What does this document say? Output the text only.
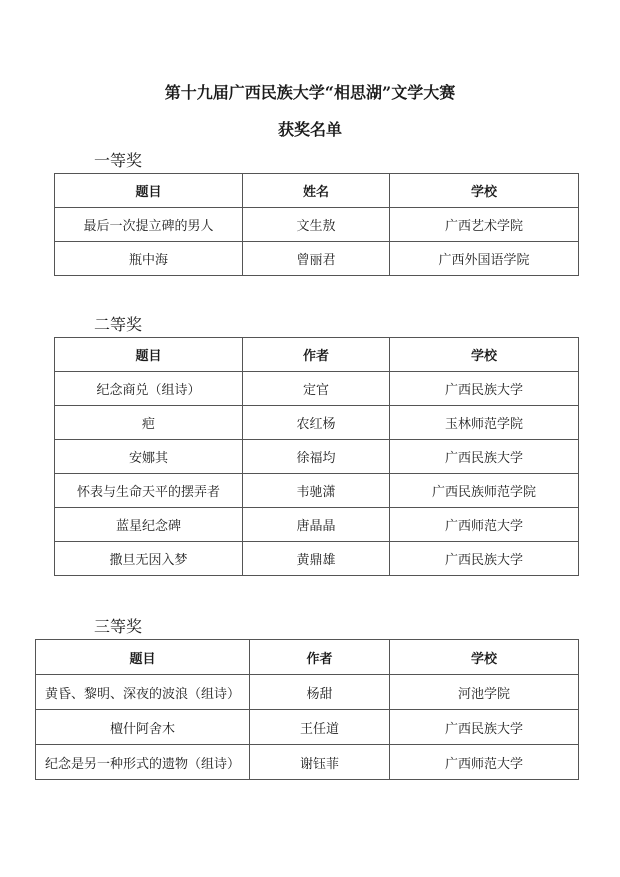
第十九届广西民族大学“相思湖”文学大赛
获奖名单
一等奖
题目	姓名	学校
最后一次提立碑的男人	文生敖	广西艺术学院
瓶中海	曾丽君	广西外国语学院
二等奖
题目	作者	学校
纪念商兑（组诗）	定官	广西民族大学
疤	农红杨	玉林师范学院
安娜其	徐福均	广西民族大学
怀表与生命天平的摆弄者	韦驰潇	广西民族师范学院
蓝星纪念碑	唐晶晶	广西师范大学
撒旦无因入梦	黄鼎雄	广西民族大学
三等奖
题目	作者	学校
黄昏、黎明、深夜的波浪（组诗）	杨甜	河池学院
檀什阿舍木	王任道	广西民族大学
纪念是另一种形式的遗物（组诗）	谢钰菲	广西师范大学
